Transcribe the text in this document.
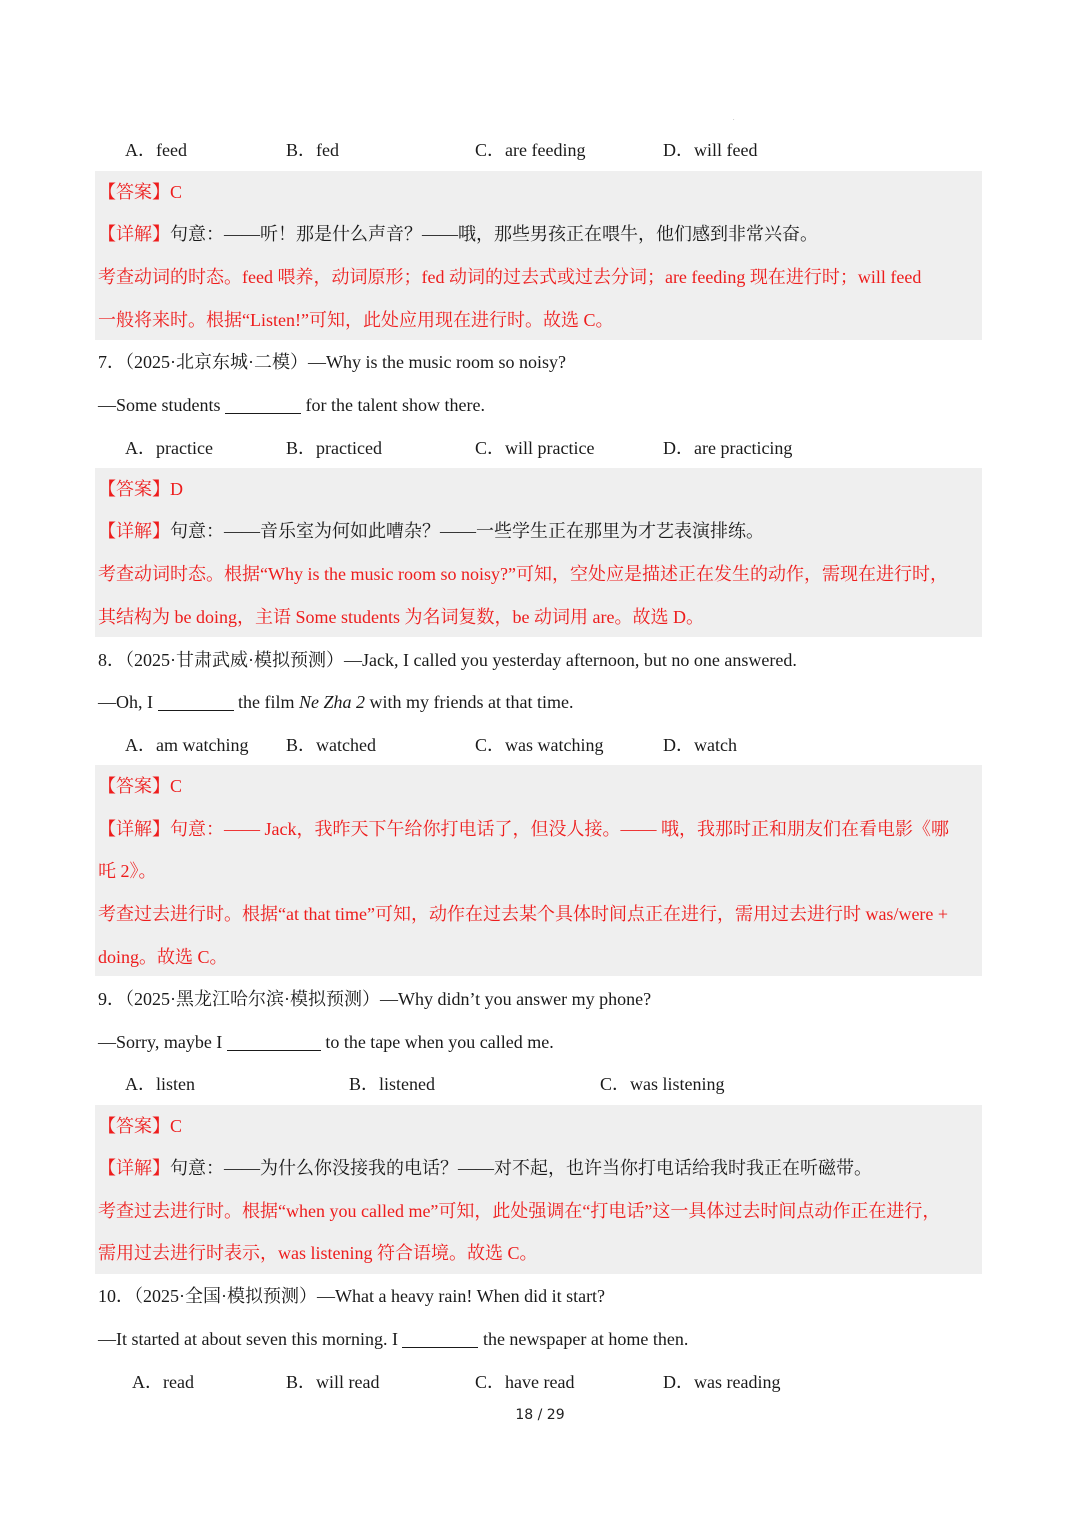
.
A．feed	B．fed	C．are feeding	D．will feed
【答案】C
【详解】句意：——听！那是什么声音？——哦，那些男孩正在喂牛，他们感到非常兴奋。
考查动词的时态。feed 喂养，动词原形；fed 动词的过去式或过去分词；are feeding 现在进行时；will feed
一般将来时。根据“Listen!”可知，此处应用现在进行时。故选 C。
7．（2025·北京东城·二模）—Why is the music room so noisy?
—Some students	for the talent show there.
A．practice	B．practiced	C．will practice	D．are practicing
【答案】D
【详解】句意：——音乐室为何如此嘈杂？——一些学生正在那里为才艺表演排练。
考查动词时态。根据“Why is the music room so noisy?”可知，空处应是描述正在发生的动作，需现在进行时，
其结构为 be doing，主语 Some students 为名词复数，be 动词用 are。故选 D。
8．（2025·甘肃武威·模拟预测）—Jack, I called you yesterday afternoon, but no one answered.
—Oh, I	the film Ne Zha 2 with my friends at that time.
A．am watching B．watched	C．was watching	D．watch
【答案】C
【详解】句意：—— Jack，我昨天下午给你打电话了，但没人接。—— 哦，我那时正和朋友们在看电影《哪
吒 2》。
考查过去进行时。根据“at that time”可知，动作在过去某个具体时间点正在进行，需用过去进行时 was/were +
doing。故选 C。
9．（2025·黑龙江哈尔滨·模拟预测）—Why didn’t you answer my phone?
—Sorry, maybe I	to the tape when you called me.
A．listen	B．listened	C．was listening
【答案】C
【详解】句意：——为什么你没接我的电话？——对不起，也许当你打电话给我时我正在听磁带。
考查过去进行时。根据“when you called me”可知，此处强调在“打电话”这一具体过去时间点动作正在进行，
需用过去进行时表示，was listening 符合语境。故选 C。
10．（2025·全国·模拟预测）—What a heavy rain! When did it start?
—It started at about seven this morning. I	the newspaper at home then.
A．read	B．will read	C．have read	D．was reading
18 / 29
